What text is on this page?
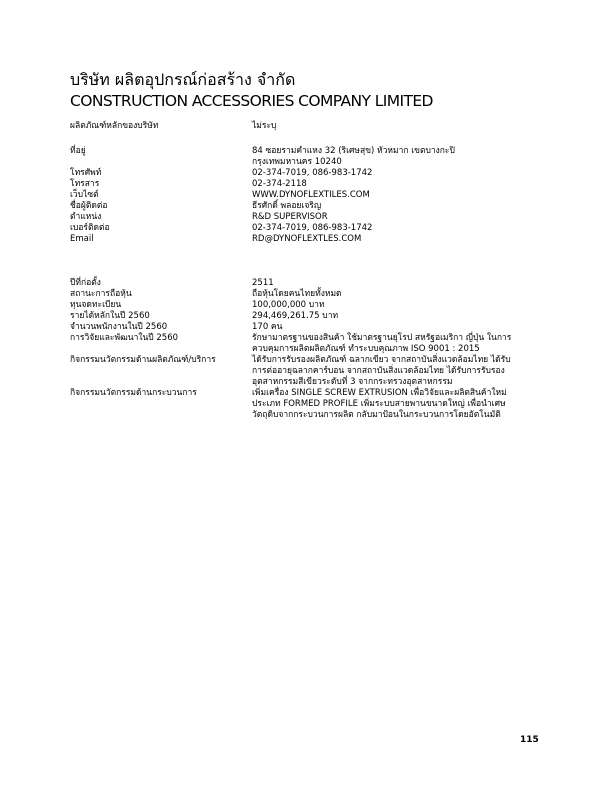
บริษัท ผลิตอุปกรณ์ก่อสร้าง จำกัด
CONSTRUCTION ACCESSORIES COMPANY LIMITED
ผลิตภัณฑ์หลักของบริษัท	ไม่ระบุ
ที่อยู่	84 ซอยรามคำแหง 32 (ริเศษสุข) หัวหมาก เขตบางกะปิ
กรุงเทพมหานคร 10240
โทรศัพท์	02-374-7019, 086-983-1742
โทรสาร	02-374-2118
เว็บไซต์	WWW.DYNOFLEXTILES.COM
ชื่อผู้ติดต่อ	ธีรศักดิ์ พลอยเจริญ
ตำแหน่ง	R&D SUPERVISOR
เบอร์ติดต่อ	02-374-7019, 086-983-1742
Email	RD@DYNOFLEXTLES.COM
ปีที่ก่อตั้ง	2511
สถานะการถือหุ้น	ถือหุ้นโดยคนไทยทั้งหมด
ทุนจดทะเบียน	100,000,000 บาท
รายได้หลักในปี 2560	294,469,261.75 บาท
จำนวนพนักงานในปี 2560	170 คน
การวิจัยและพัฒนาในปี 2560	รักษามาตรฐานของสินค้า ใช้มาตรฐานยุโรป สหรัฐอเมริกา ญี่ปุ่น ในการ
ควบคุมการผลิตผลิตภัณฑ์ ทำระบบคุณภาพ ISO 9001 : 2015
กิจกรรมนวัตกรรมด้านผลิตภัณฑ์/บริการ	ได้รับการรับรองผลิตภัณฑ์ ฉลากเขียว จากสถาบันสิ่งแวดล้อมไทย ได้รับ
การต่ออายุฉลากคาร์บอน จากสถาบันสิ่งแวดล้อมไทย ได้รับการรับรอง
อุตสาหกรรมสีเขียวระดับที่ 3 จากกระทรวงอุตสาหกรรม
กิจกรรมนวัตกรรมด้านกระบวนการ	เพิ่มเครื่อง SINGLE SCREW EXTRUSION เพื่อวิจัยและผลิตสินค้าใหม่
ประเภท FORMED PROFILE เพิ่มระบบสายพานขนาดใหญ่ เพื่อนำเศษ
วัตถุดิบจากกระบวนการผลิต กลับมาป้อนในกระบวนการโดยอัตโนมัติ
115
